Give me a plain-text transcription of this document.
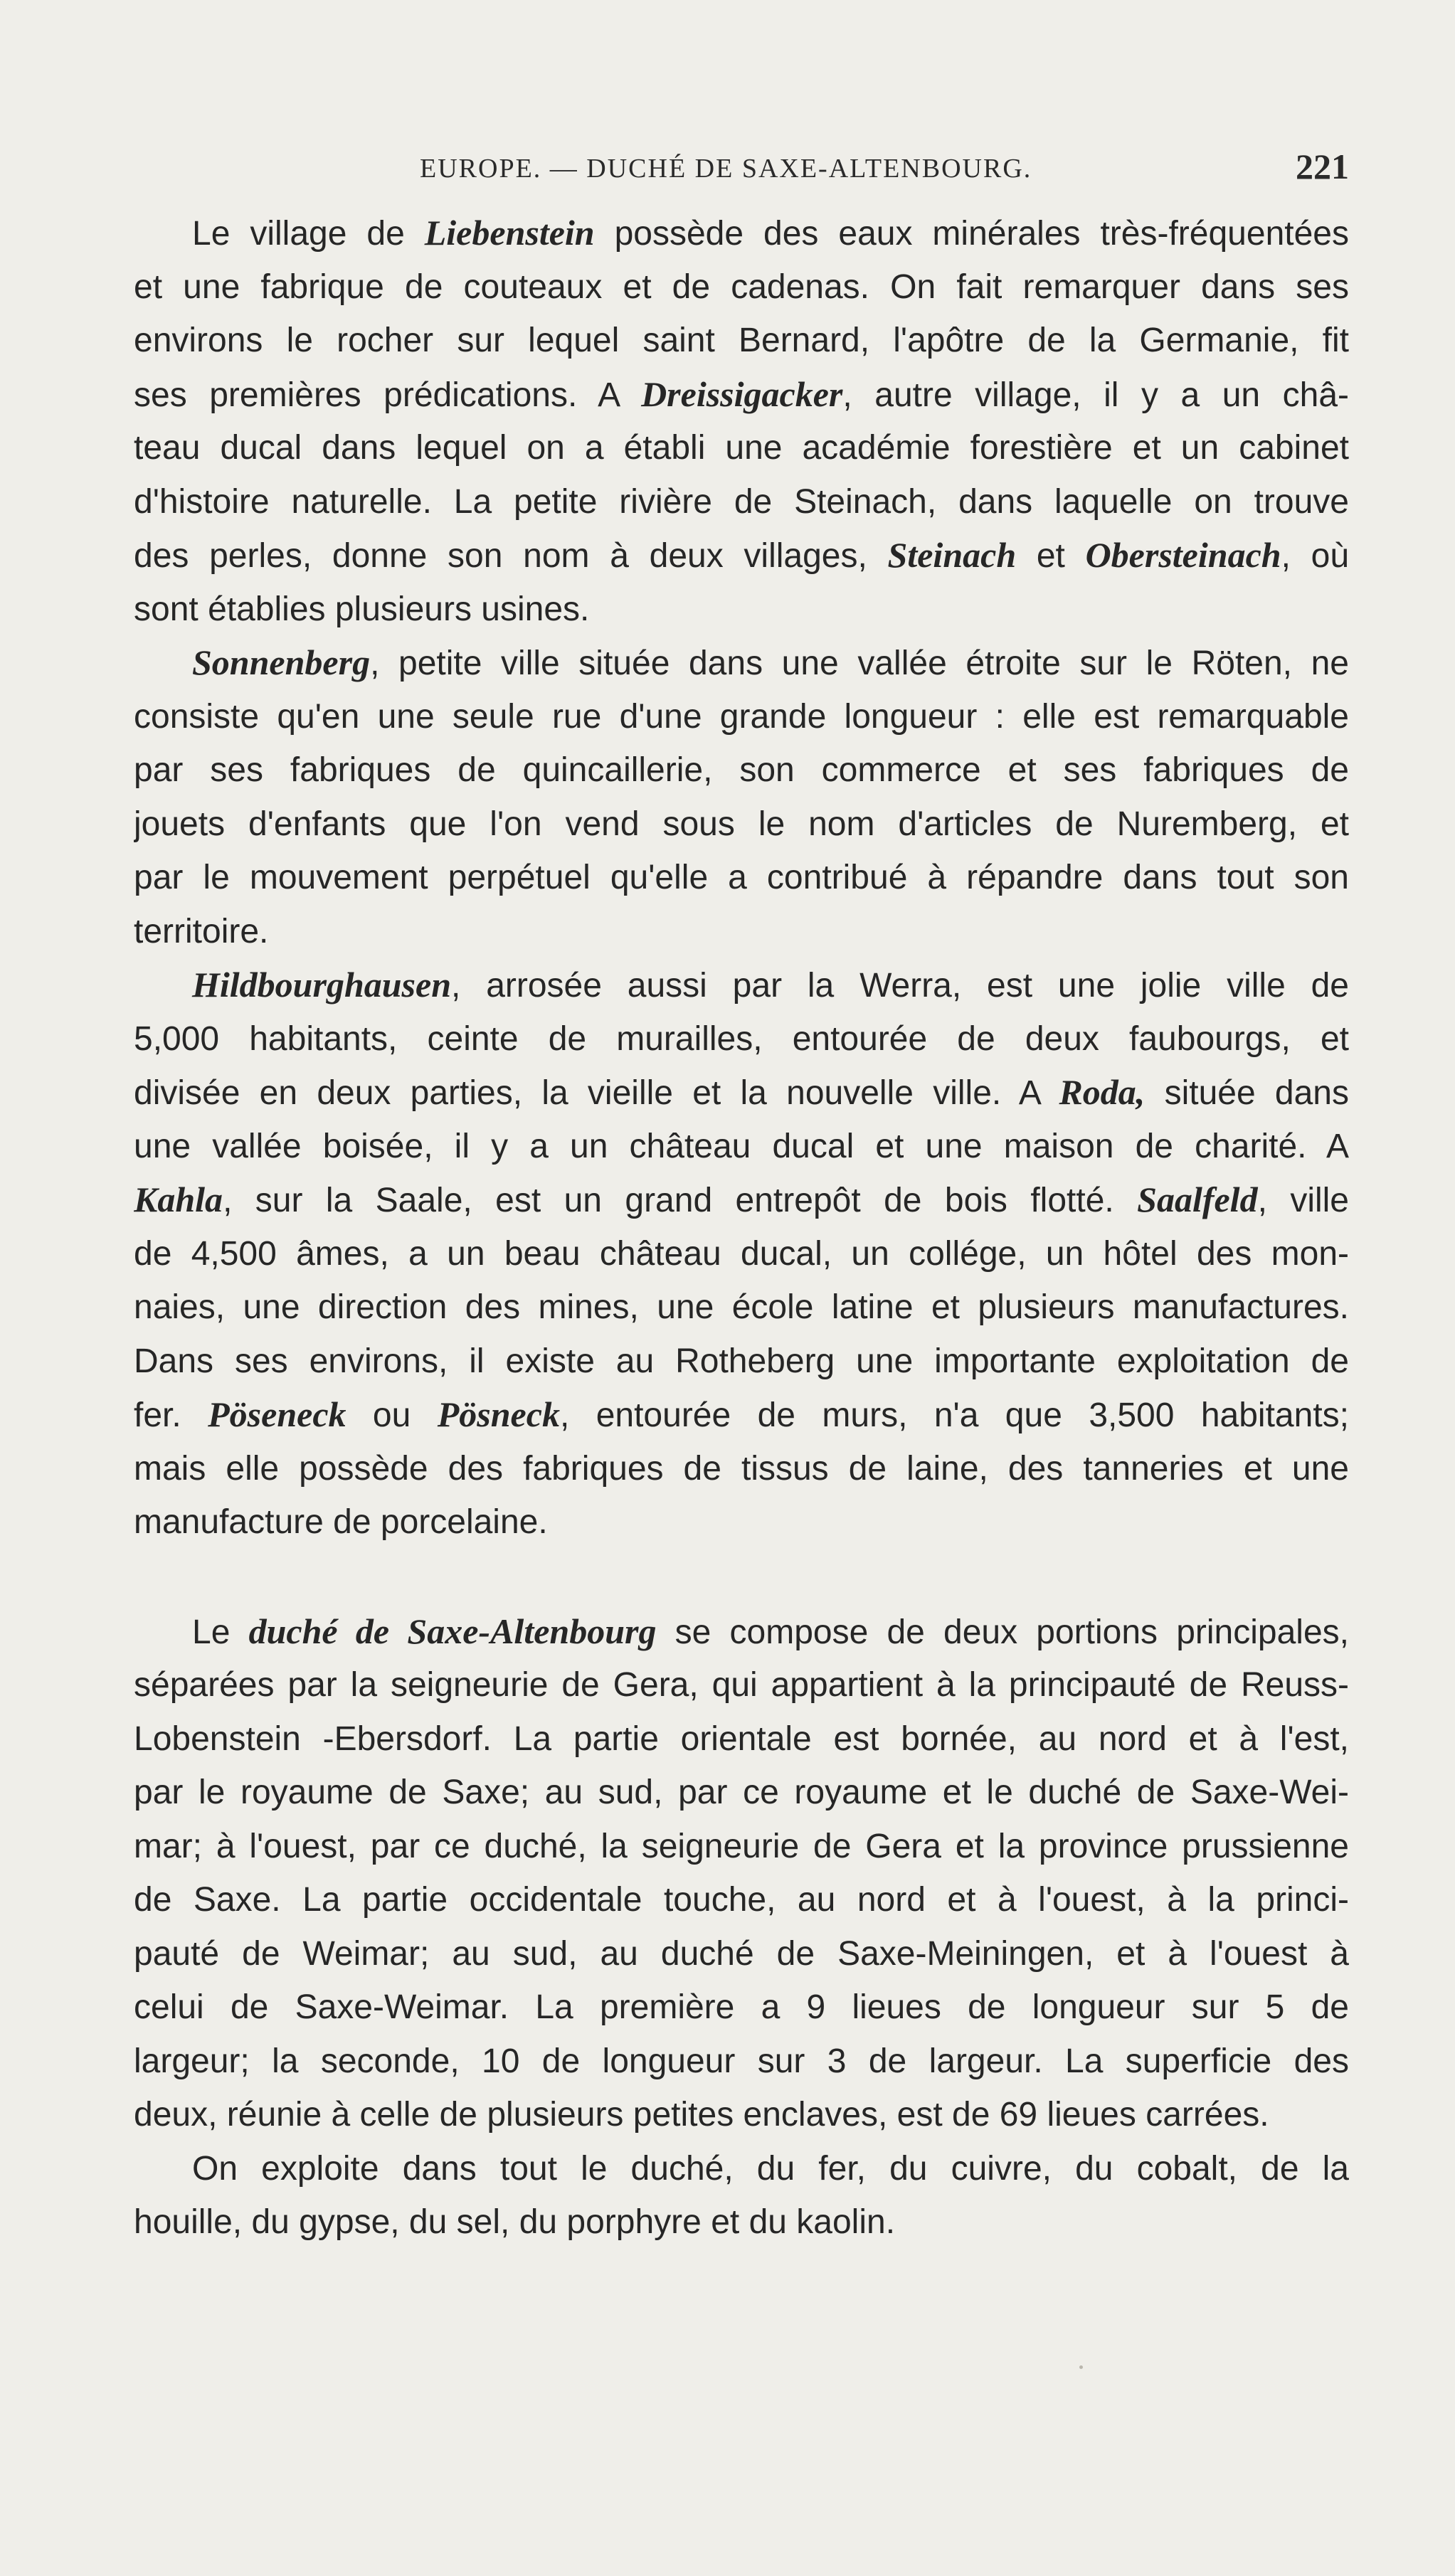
EUROPE. — DUCHÉ DE SAXE-ALTENBOURG.	221
Le village de Liebenstein possède des eaux minérales très-fréquentées
et une fabrique de couteaux et de cadenas. On fait remarquer dans ses
environs le rocher sur lequel saint Bernard, l'apôtre de la Germanie, fit
ses premières prédications. A Dreissigacker, autre village, il y a un châ-
teau ducal dans lequel on a établi une académie forestière et un cabinet
d'histoire naturelle. La petite rivière de Steinach, dans laquelle on trouve
des perles, donne son nom à deux villages, Steinach et Obersteinach, où
sont établies plusieurs usines.
Sonnenberg, petite ville située dans une vallée étroite sur le Röten, ne
consiste qu'en une seule rue d'une grande longueur : elle est remarquable
par ses fabriques de quincaillerie, son commerce et ses fabriques de
jouets d'enfants que l'on vend sous le nom d'articles de Nuremberg, et
par le mouvement perpétuel qu'elle a contribué à répandre dans tout son
territoire.
Hildbourghausen, arrosée aussi par la Werra, est une jolie ville de
5,000 habitants, ceinte de murailles, entourée de deux faubourgs, et
divisée en deux parties, la vieille et la nouvelle ville. A Roda, située dans
une vallée boisée, il y a un château ducal et une maison de charité. A
Kahla, sur la Saale, est un grand entrepôt de bois flotté. Saalfeld, ville
de 4,500 âmes, a un beau château ducal, un collége, un hôtel des mon-
naies, une direction des mines, une école latine et plusieurs manufactures.
Dans ses environs, il existe au Rotheberg une importante exploitation de
fer. Pöseneck ou Pösneck, entourée de murs, n'a que 3,500 habitants;
mais elle possède des fabriques de tissus de laine, des tanneries et une
manufacture de porcelaine.
Le duché de Saxe-Altenbourg se compose de deux portions principales,
séparées par la seigneurie de Gera, qui appartient à la principauté de Reuss-
Lobenstein -Ebersdorf. La partie orientale est bornée, au nord et à l'est,
par le royaume de Saxe; au sud, par ce royaume et le duché de Saxe-Wei-
mar; à l'ouest, par ce duché, la seigneurie de Gera et la province prussienne
de Saxe. La partie occidentale touche, au nord et à l'ouest, à la princi-
pauté de Weimar; au sud, au duché de Saxe-Meiningen, et à l'ouest à
celui de Saxe-Weimar. La première a 9 lieues de longueur sur 5 de
largeur; la seconde, 10 de longueur sur 3 de largeur. La superficie des
deux, réunie à celle de plusieurs petites enclaves, est de 69 lieues carrées.
On exploite dans tout le duché, du fer, du cuivre, du cobalt, de la
houille, du gypse, du sel, du porphyre et du kaolin.
